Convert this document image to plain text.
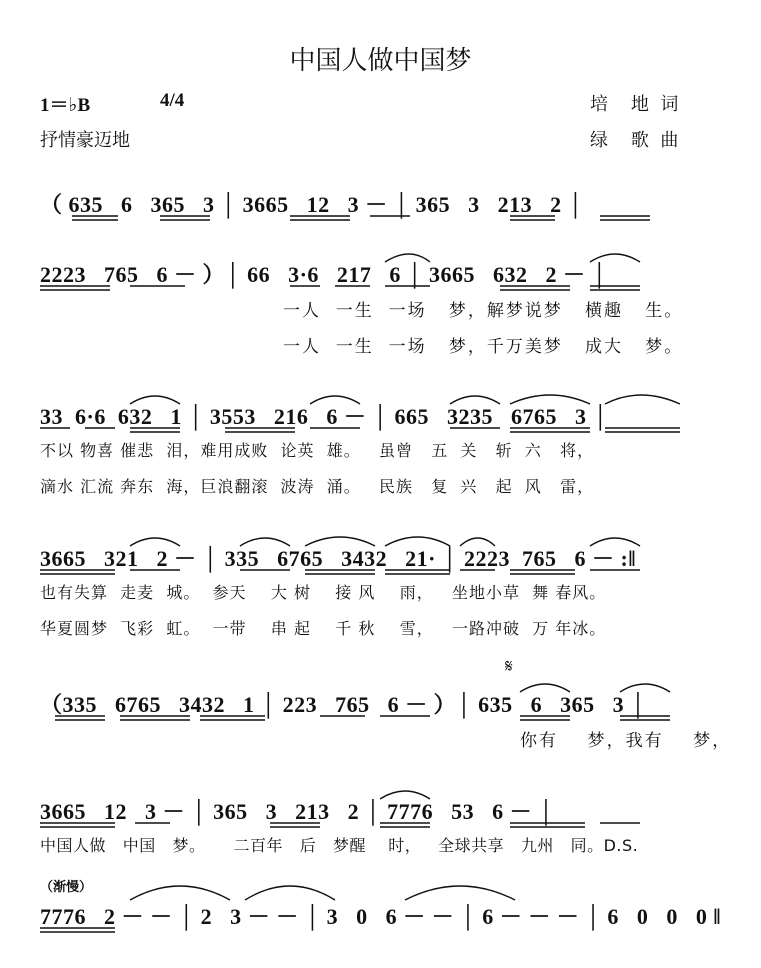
中国人做中国梦
1＝♭B	4/4
抒情豪迈地
培    地  词
绿    歌  曲
（ 635   6   365   3 │ 3665   12   3 － │ 365   3   213   2 │
2223   765   6 － ）│ 66   3·6   217   6 │ 3665   632   2 － │
一人  一生  一场   梦，解梦说梦   横趣   生。
一人  一生  一场   梦，千万美梦   成大   梦。
33  6·6  632   1 │ 3553   216   6 － │ 665   3235   6765   3 │
不以 物喜 催悲  泪，难用成败  论英  雄。   虽曾   五  关   斩  六   将，
滴水 汇流 奔东  海，巨浪翻滚  波涛  涌。   民族   复  兴   起  风   雷，
3665   321   2 － │ 335   6765   3432   21· │ 2223  765   6 － :‖
也有失算  走麦  城。  参天    大 树    接 风    雨，   坐地小草  舞 春风。
华夏圆梦  飞彩  虹。  一带    串 起    千 秋    雪，   一路冲破  万 年冰。
𝄋
（335   6765   3432   1 │ 223   765   6 － ）│ 635   6   365   3 │
你有    梦，我有    梦，
3665   12   3 － │ 365   3   213   2 │ 7776   53   6 － │
中国人做   中国   梦。     二百年   后   梦醒    时，   全球共享   九州   同。D.S.
（渐慢）
7776   2 － － │ 2   3 － － │ 3   0   6 － － │ 6 － － － │ 6   0   0   0 ‖
